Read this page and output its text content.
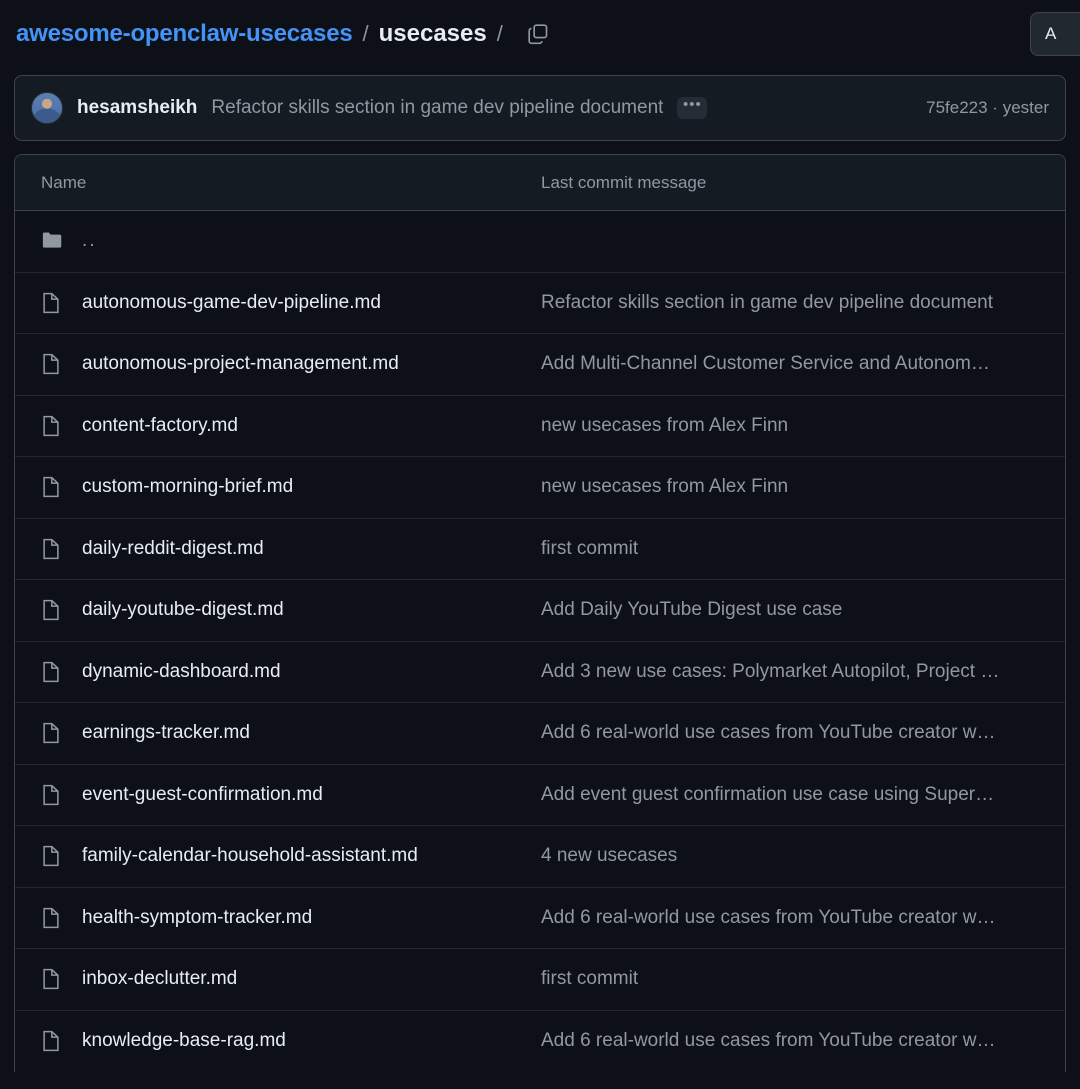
awesome-openclaw-usecases / usecases /	A
hesamsheikh Refactor skills section in game dev pipeline document	•••	75fe223 · yester
Name	Last commit message
..
autonomous-game-dev-pipeline.md	Refactor skills section in game dev pipeline document
autonomous-project-management.md	Add Multi-Channel Customer Service and Autonom…
content-factory.md	new usecases from Alex Finn
custom-morning-brief.md	new usecases from Alex Finn
daily-reddit-digest.md	first commit
daily-youtube-digest.md	Add Daily YouTube Digest use case
dynamic-dashboard.md	Add 3 new use cases: Polymarket Autopilot, Project …
earnings-tracker.md	Add 6 real-world use cases from YouTube creator w…
event-guest-confirmation.md	Add event guest confirmation use case using Super…
family-calendar-household-assistant.md	4 new usecases
health-symptom-tracker.md	Add 6 real-world use cases from YouTube creator w…
inbox-declutter.md	first commit
knowledge-base-rag.md	Add 6 real-world use cases from YouTube creator w…
